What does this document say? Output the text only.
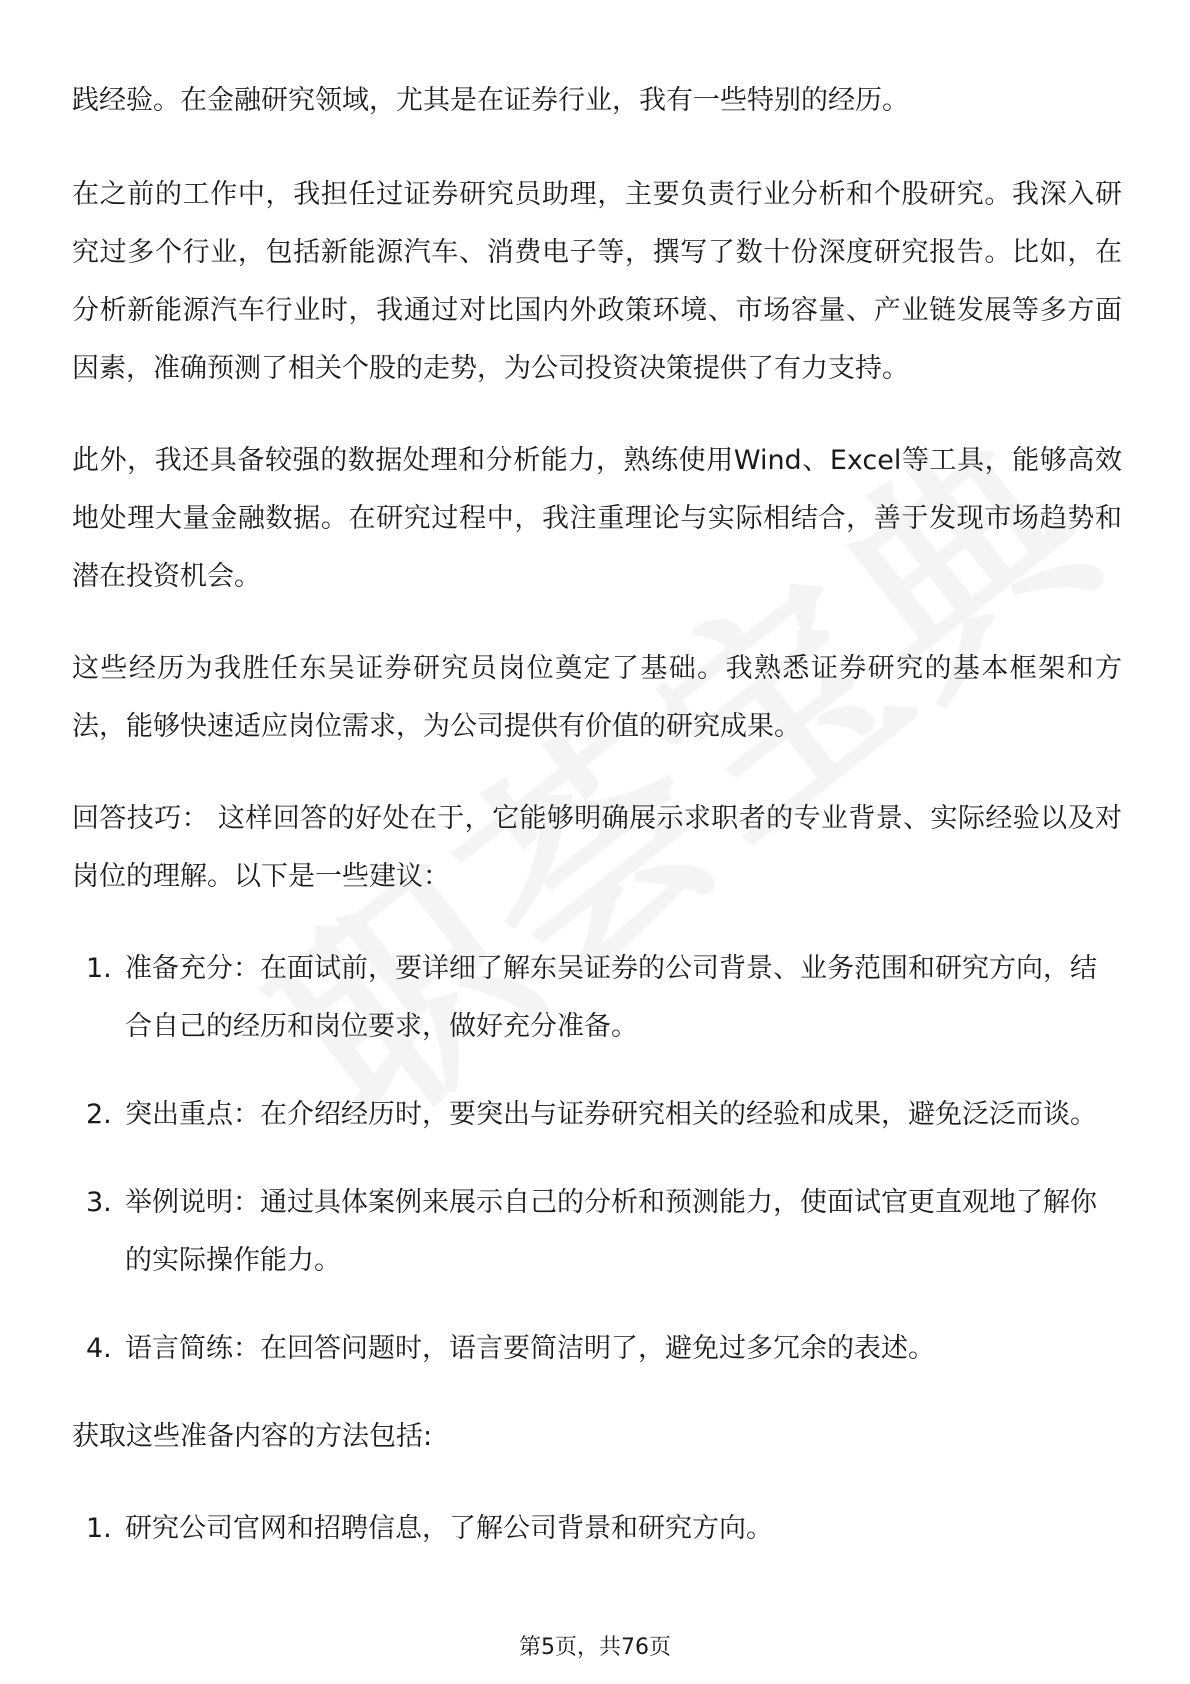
践经验。在金融研究领域，尤其是在证券行业，我有一些特别的经历。

在之前的工作中，我担任过证券研究员助理，主要负责行业分析和个股研究。我深入研究过多个行业，包括新能源汽车、消费电子等，撰写了数十份深度研究报告。比如，在分析新能源汽车行业时，我通过对比国内外政策环境、市场容量、产业链发展等多方面因素，准确预测了相关个股的走势，为公司投资决策提供了有力支持。

此外，我还具备较强的数据处理和分析能力，熟练使用Wind、Excel等工具，能够高效地处理大量金融数据。在研究过程中，我注重理论与实际相结合，善于发现市场趋势和潜在投资机会。

这些经历为我胜任东吴证券研究员岗位奠定了基础。我熟悉证券研究的基本框架和方法，能够快速适应岗位需求，为公司提供有价值的研究成果。

回答技巧： 这样回答的好处在于，它能够明确展示求职者的专业背景、实际经验以及对岗位的理解。以下是一些建议：

1. 准备充分：在面试前，要详细了解东吴证券的公司背景、业务范围和研究方向，结合自己的经历和岗位要求，做好充分准备。
2. 突出重点：在介绍经历时，要突出与证券研究相关的经验和成果，避免泛泛而谈。
3. 举例说明：通过具体案例来展示自己的分析和预测能力，使面试官更直观地了解你的实际操作能力。
4. 语言简练：在回答问题时，语言要简洁明了，避免过多冗余的表述。

获取这些准备内容的方法包括:

1. 研究公司官网和招聘信息，了解公司背景和研究方向。
第5页，共76页
